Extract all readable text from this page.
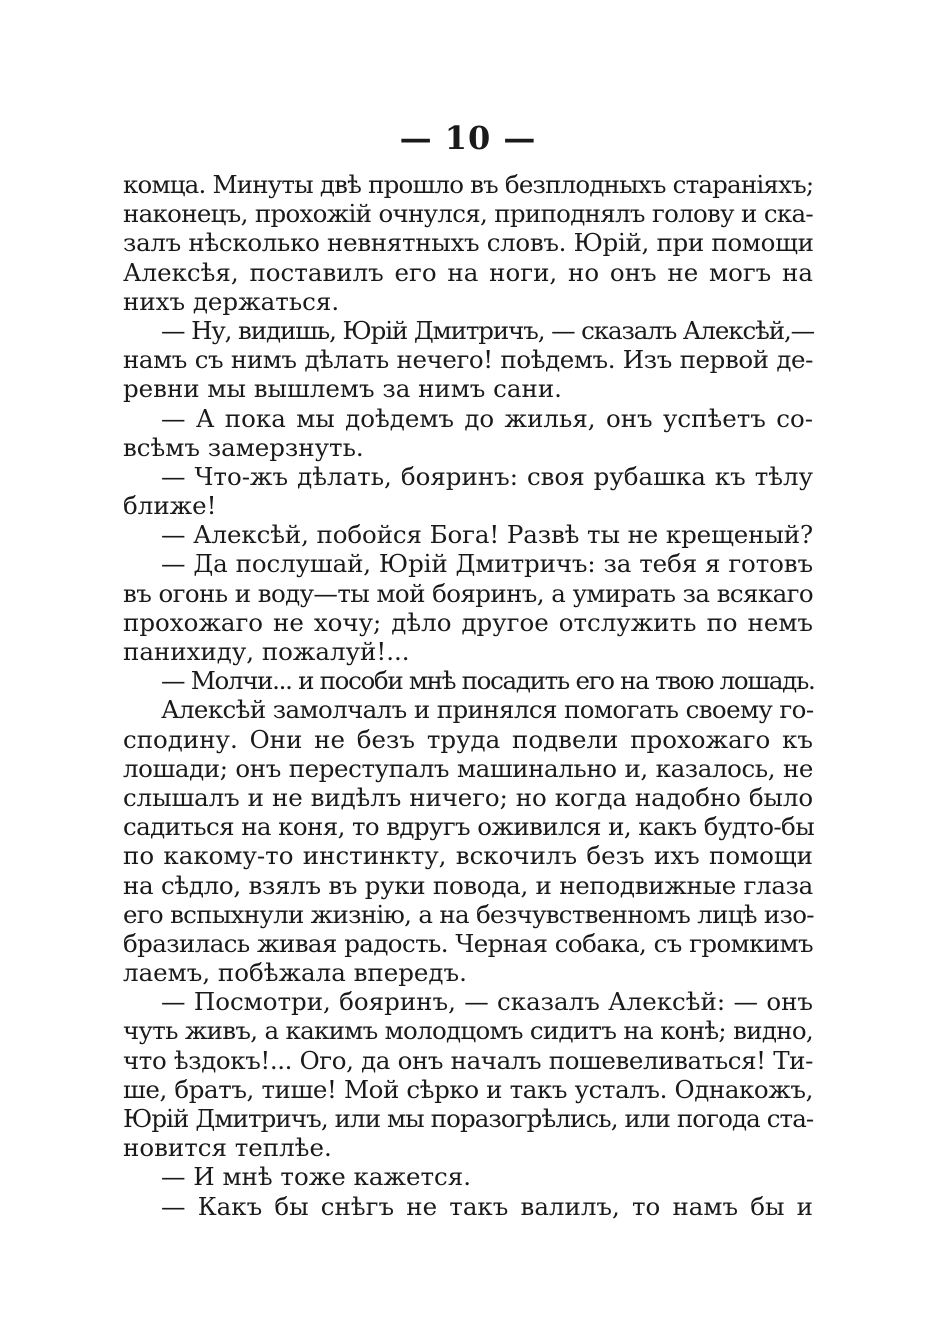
— 10 —
комца. Минуты двѣ прошло въ безплодныхъ стараніяхъ;
наконецъ, прохожій очнулся, приподнялъ голову и ска-
залъ нѣсколько невнятныхъ словъ. Юрій, при помощи
Алексѣя, поставилъ его на ноги, но онъ не могъ на
нихъ держаться.
— Ну, видишь, Юрій Дмитричъ, — сказалъ Алексѣй,—
намъ съ нимъ дѣлать нечего! поѣдемъ. Изъ первой де-
ревни мы вышлемъ за нимъ сани.
— А пока мы доѣдемъ до жилья, онъ успѣетъ со-
всѣмъ замерзнуть.
— Что-жъ дѣлать, бояринъ: своя рубашка къ тѣлу
ближе!
— Алексѣй, побойся Бога! Развѣ ты не крещеный?
— Да послушай, Юрій Дмитричъ: за тебя я готовъ
въ огонь и воду—ты мой бояринъ, а умирать за всякаго
прохожаго не хочу; дѣло другое отслужить по немъ
панихиду, пожалуй!...
— Молчи... и пособи мнѣ посадить его на твою лошадь.
Алексѣй замолчалъ и принялся помогать своему го-
сподину. Они не безъ труда подвели прохожаго къ
лошади; онъ переступалъ машинально и, казалось, не
слышалъ и не видѣлъ ничего; но когда надобно было
садиться на коня, то вдругъ оживился и, какъ будто-бы
по какому-то инстинкту, вскочилъ безъ ихъ помощи
на сѣдло, взялъ въ руки повода, и неподвижные глаза
его вспыхнули жизнію, а на безчувственномъ лицѣ изо-
бразилась живая радость. Черная собака, съ громкимъ
лаемъ, побѣжала впередъ.
— Посмотри, бояринъ, — сказалъ Алексѣй: — онъ
чуть живъ, а какимъ молодцомъ сидитъ на конѣ; видно,
что ѣздокъ!... Ого, да онъ началъ пошевеливаться! Ти-
ше, братъ, тише! Мой сѣрко и такъ усталъ. Однакожъ,
Юрій Дмитричъ, или мы поразогрѣлись, или погода ста-
новится теплѣе.
— И мнѣ тоже кажется.
— Какъ бы снѣгъ не такъ валилъ, то намъ бы и
